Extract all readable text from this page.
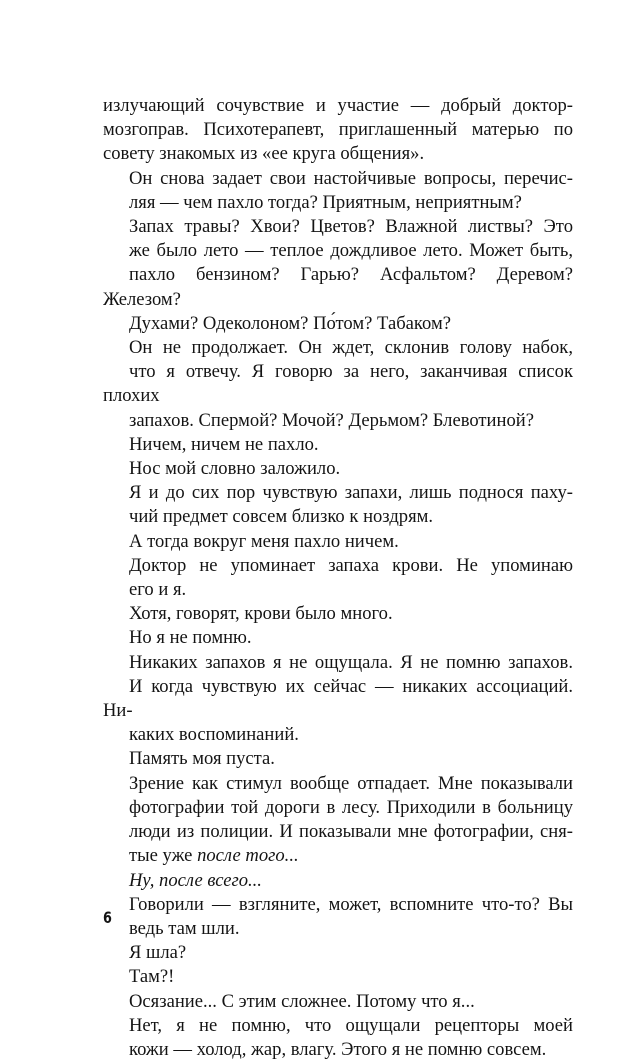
излучающий сочувствие и участие — добрый доктор-
мозгоправ. Психотерапевт, приглашенный матерью по
совету знакомых из «ее круга общения».

Он снова задает свои настойчивые вопросы, перечис-
ляя — чем пахло тогда? Приятным, неприятным?

Запах травы? Хвои? Цветов? Влажной листвы? Это
же было лето — теплое дождливое лето. Может быть,
пахло бензином? Гарью? Асфальтом? Деревом? Железом?

Духами? Одеколоном? По́том? Табаком?

Он не продолжает. Он ждет, склонив голову набок,
что я отвечу. Я говорю за него, заканчивая список плохих
запахов. Спермой? Мочой? Дерьмом? Блевотиной?

Ничем, ничем не пахло.

Нос мой словно заложило.

Я и до сих пор чувствую запахи, лишь поднося паху-
чий предмет совсем близко к ноздрям.

А тогда вокруг меня пахло ничем.

Доктор не упоминает запаха крови. Не упоминаю
его и я.

Хотя, говорят, крови было много.

Но я не помню.

Никаких запахов я не ощущала. Я не помню запахов.
И когда чувствую их сейчас — никаких ассоциаций. Ни-
каких воспоминаний.

Память моя пуста.

Зрение как стимул вообще отпадает. Мне показывали
фотографии той дороги в лесу. Приходили в больницу
люди из полиции. И показывали мне фотографии, сня-
тые уже после того...

Ну, после всего...

Говорили — взгляните, может, вспомните что-то? Вы
ведь там шли.

Я шла?

Там?!

Осязание... С этим сложнее. Потому что я...

Нет, я не помню, что ощущали рецепторы моей
кожи — холод, жар, влагу. Этого я не помню совсем.

6
